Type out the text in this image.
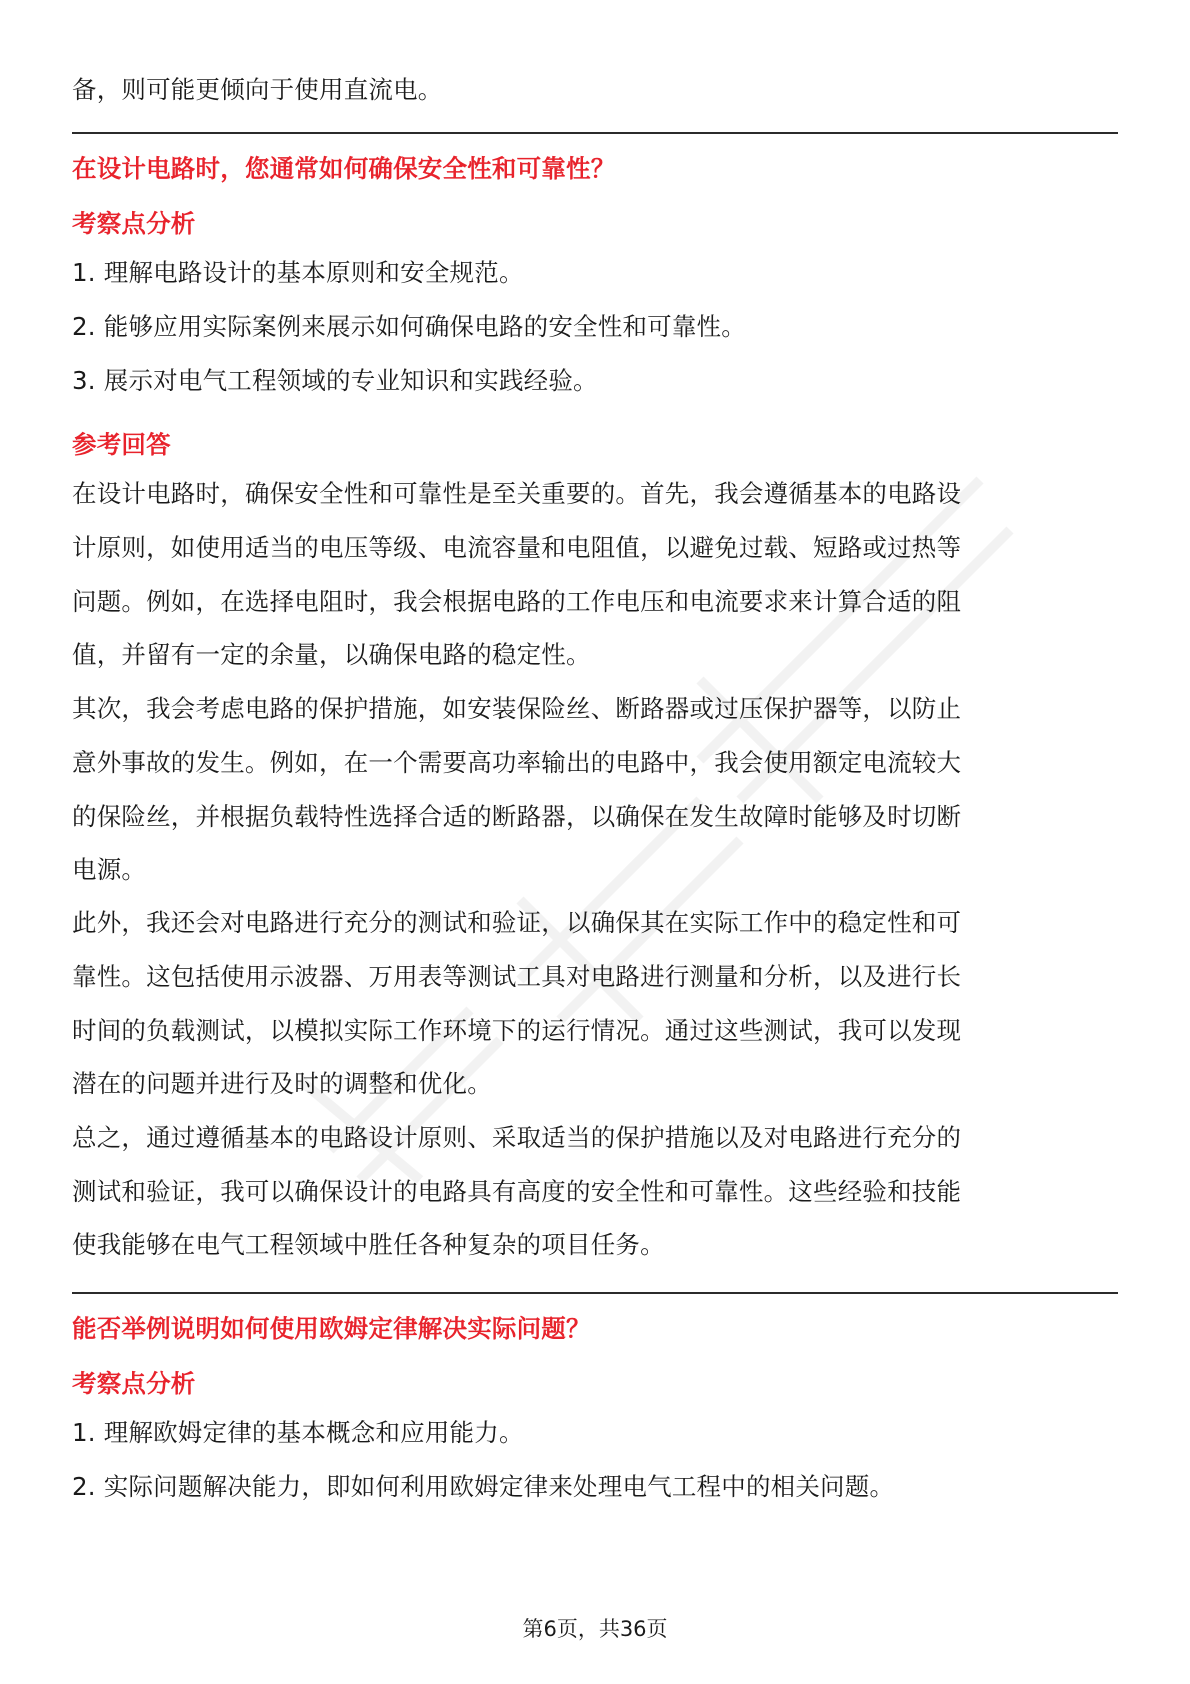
备，则可能更倾向于使用直流电。
在设计电路时，您通常如何确保安全性和可靠性？
考察点分析
1. 理解电路设计的基本原则和安全规范。
2. 能够应用实际案例来展示如何确保电路的安全性和可靠性。
3. 展示对电气工程领域的专业知识和实践经验。
参考回答
在设计电路时，确保安全性和可靠性是至关重要的。首先，我会遵循基本的电路设
计原则，如使用适当的电压等级、电流容量和电阻值，以避免过载、短路或过热等
问题。例如，在选择电阻时，我会根据电路的工作电压和电流要求来计算合适的阻
值，并留有一定的余量，以确保电路的稳定性。
其次，我会考虑电路的保护措施，如安装保险丝、断路器或过压保护器等，以防止
意外事故的发生。例如，在一个需要高功率输出的电路中，我会使用额定电流较大
的保险丝，并根据负载特性选择合适的断路器，以确保在发生故障时能够及时切断
电源。
此外，我还会对电路进行充分的测试和验证，以确保其在实际工作中的稳定性和可
靠性。这包括使用示波器、万用表等测试工具对电路进行测量和分析，以及进行长
时间的负载测试，以模拟实际工作环境下的运行情况。通过这些测试，我可以发现
潜在的问题并进行及时的调整和优化。
总之，通过遵循基本的电路设计原则、采取适当的保护措施以及对电路进行充分的
测试和验证，我可以确保设计的电路具有高度的安全性和可靠性。这些经验和技能
使我能够在电气工程领域中胜任各种复杂的项目任务。
能否举例说明如何使用欧姆定律解决实际问题？
考察点分析
1. 理解欧姆定律的基本概念和应用能力。
2. 实际问题解决能力，即如何利用欧姆定律来处理电气工程中的相关问题。
第6页，共36页
